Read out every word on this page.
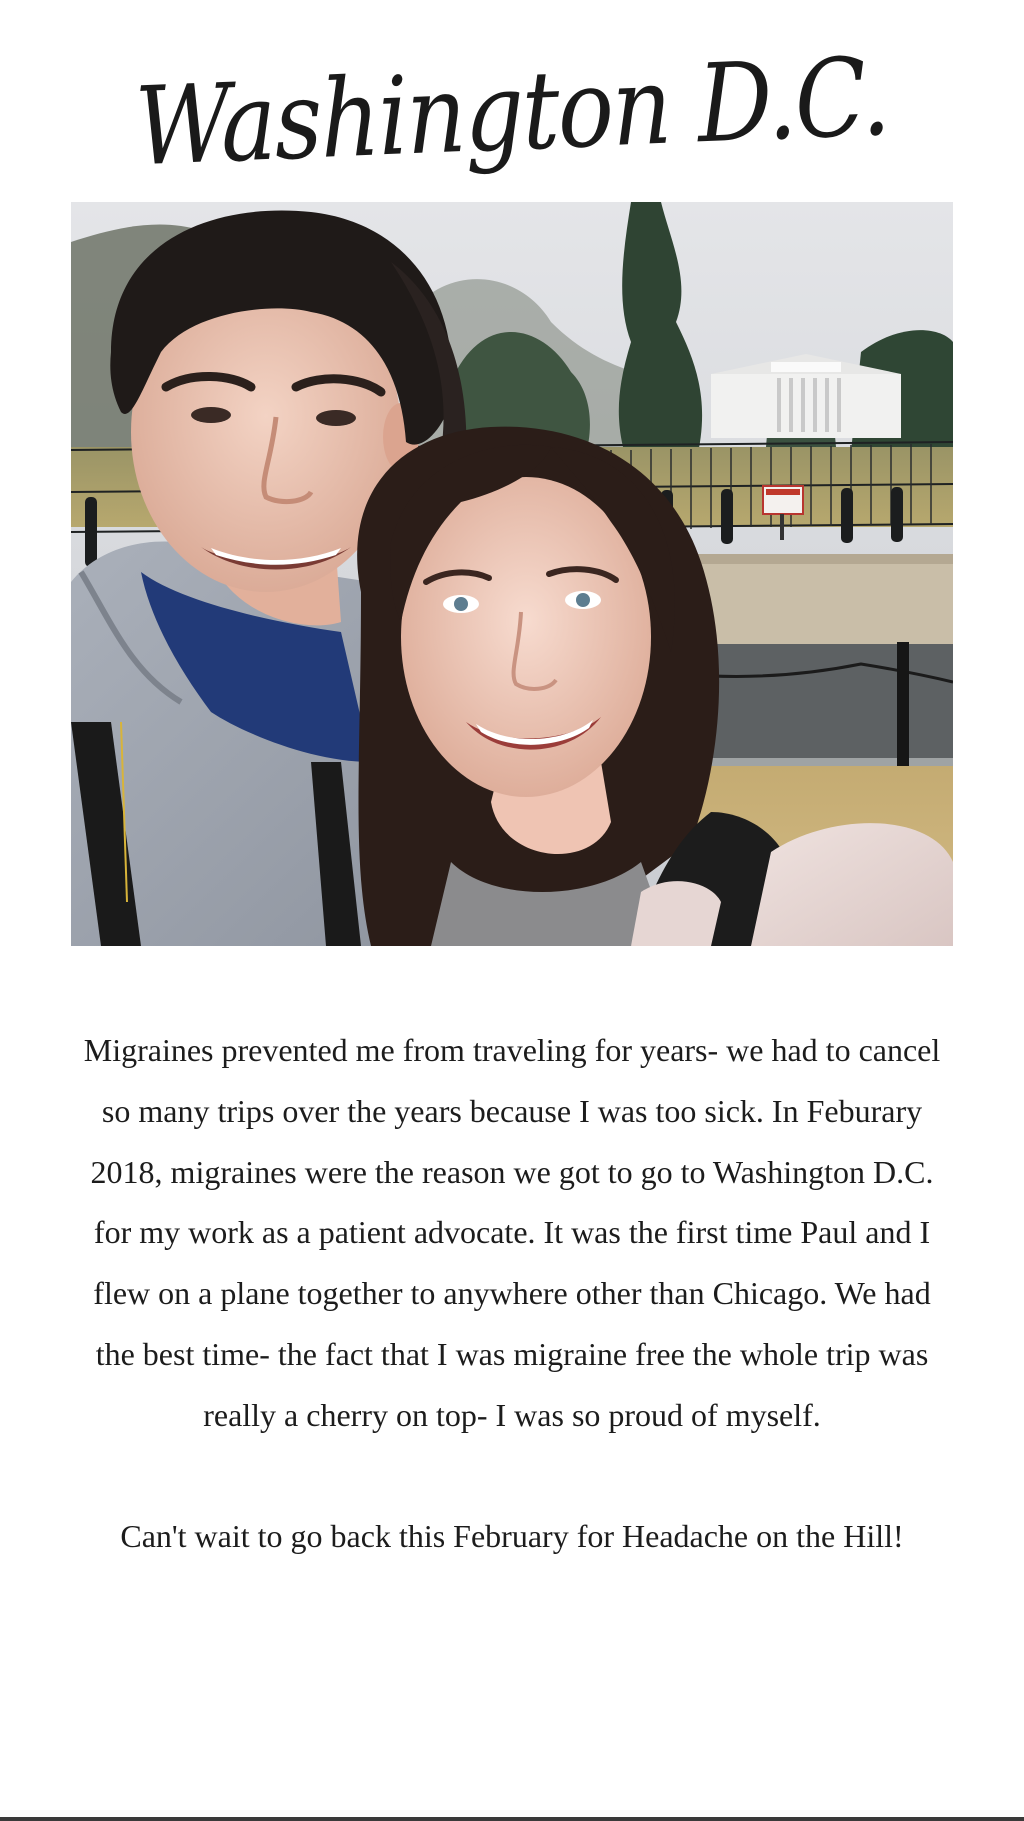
Washington D.C.

Migraines prevented me from traveling for years- we had to cancel so many trips over the years because I was too sick. In Feburary 2018, migraines were the reason we got to go to Washington D.C. for my work as a patient advocate. It was the first time Paul and I flew on a plane together to anywhere other than Chicago. We had the best time- the fact that I was migraine free the whole trip was really a cherry on top- I was so proud of myself.

Can't wait to go back this February for Headache on the Hill!
